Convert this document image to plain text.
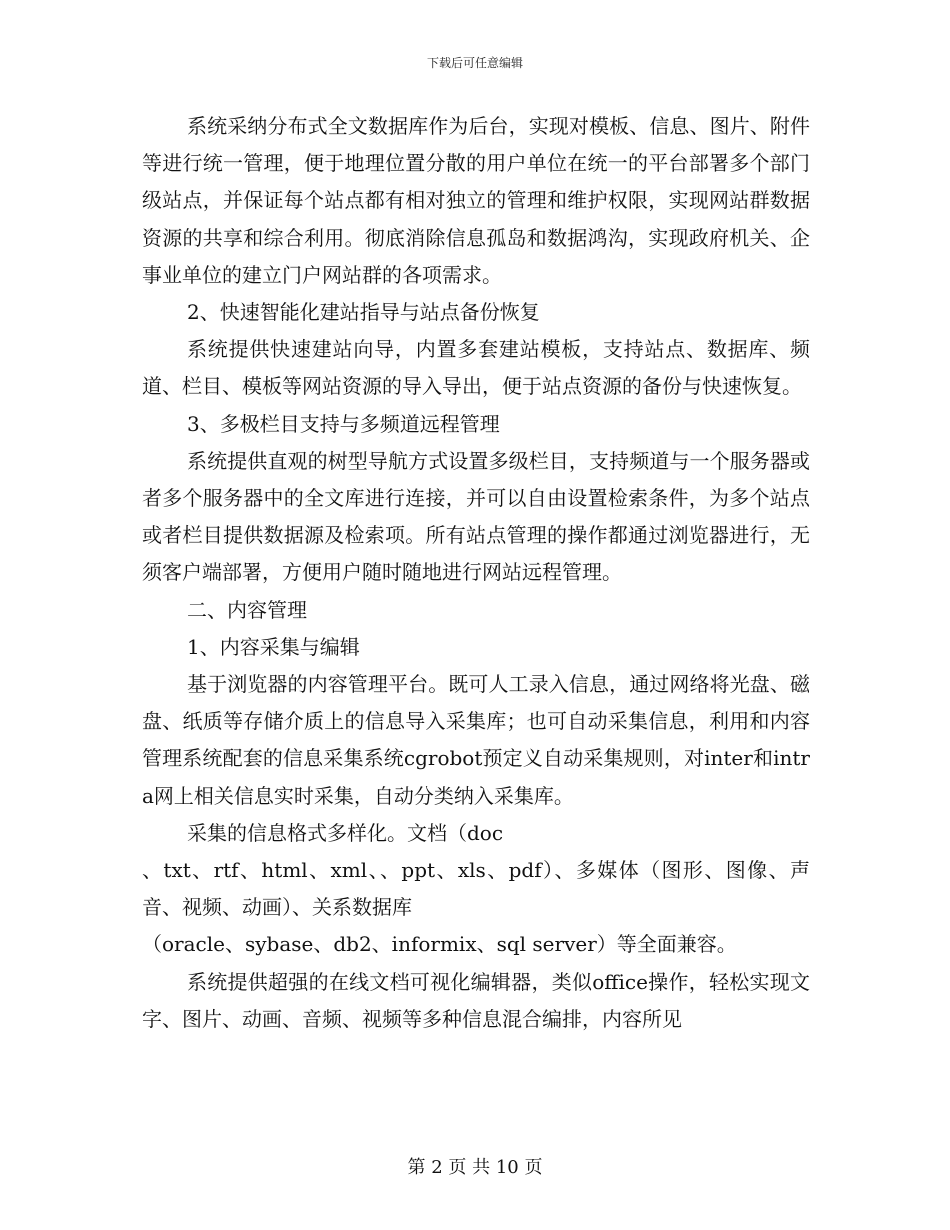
下载后可任意编辑

系统采纳分布式全文数据库作为后台，实现对模板、信息、图片、附件等进行统一管理，便于地理位置分散的用户单位在统一的平台部署多个部门级站点，并保证每个站点都有相对独立的管理和维护权限，实现网站群数据资源的共享和综合利用。彻底消除信息孤岛和数据鸿沟，实现政府机关、企事业单位的建立门户网站群的各项需求。

2、快速智能化建站指导与站点备份恢复

系统提供快速建站向导，内置多套建站模板，支持站点、数据库、频道、栏目、模板等网站资源的导入导出，便于站点资源的备份与快速恢复。

3、多极栏目支持与多频道远程管理

系统提供直观的树型导航方式设置多级栏目，支持频道与一个服务器或者多个服务器中的全文库进行连接，并可以自由设置检索条件，为多个站点或者栏目提供数据源及检索项。所有站点管理的操作都通过浏览器进行，无须客户端部署，方便用户随时随地进行网站远程管理。

二、内容管理

1、内容采集与编辑

基于浏览器的内容管理平台。既可人工录入信息，通过网络将光盘、磁盘、纸质等存储介质上的信息导入采集库；也可自动采集信息，利用和内容管理系统配套的信息采集系统cgrobot预定义自动采集规则，对inter和intra网上相关信息实时采集，自动分类纳入采集库。

采集的信息格式多样化。文档（doc

、txt、rtf、html、xml、、ppt、xls、pdf）、多媒体（图形、图像、声音、视频、动画）、关系数据库

（oracle、sybase、db2、informix、sql server）等全面兼容。

系统提供超强的在线文档可视化编辑器，类似office操作，轻松实现文字、图片、动画、音频、视频等多种信息混合编排，内容所见

第 2 页 共 10 页
